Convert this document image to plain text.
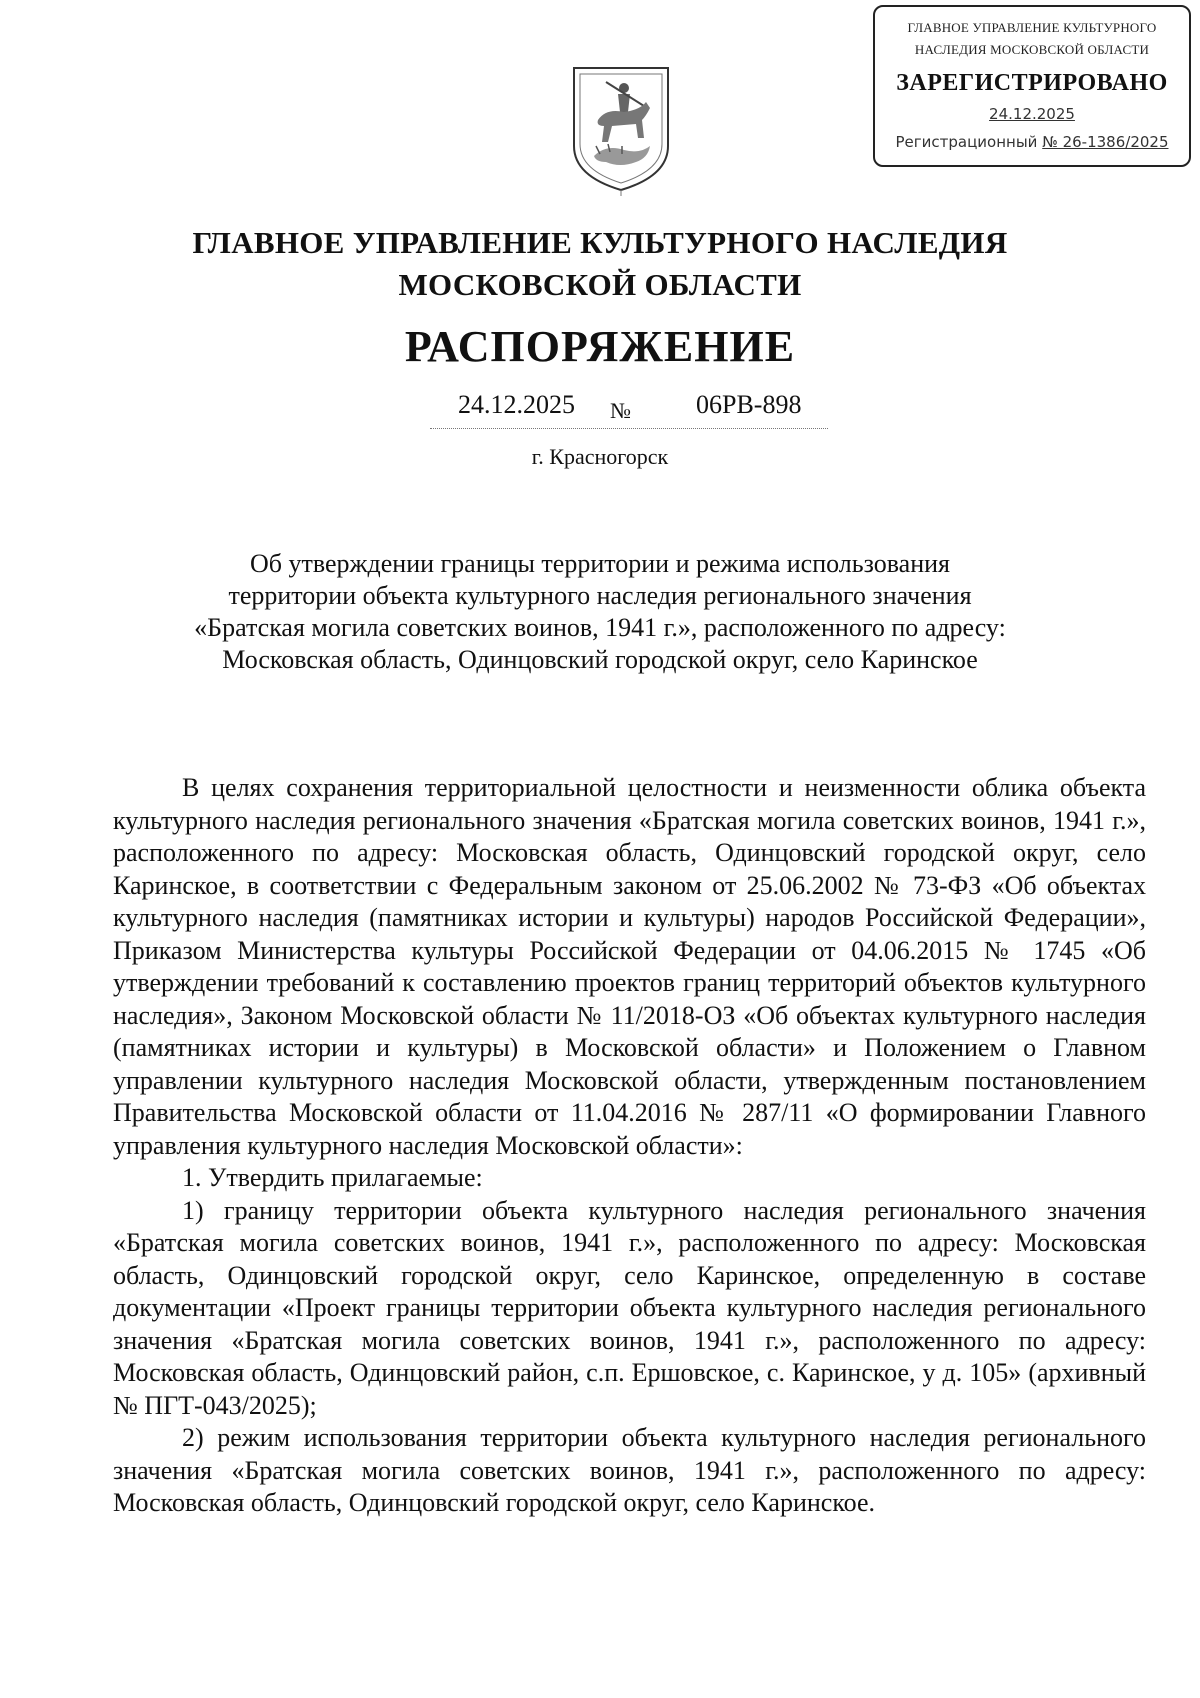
ГЛАВНОЕ УПРАВЛЕНИЕ КУЛЬТУРНОГО
НАСЛЕДИЯ МОСКОВСКОЙ ОБЛАСТИ
ЗАРЕГИСТРИРОВАНО
24.12.2025
Регистрационный № 26-1386/2025
ГЛАВНОЕ УПРАВЛЕНИЕ КУЛЬТУРНОГО НАСЛЕДИЯ
МОСКОВСКОЙ ОБЛАСТИ
РАСПОРЯЖЕНИЕ
24.12.2025 №	06РВ-898
г. Красногорск
Об утверждении границы территории и режима использования
территории объекта культурного наследия регионального значения
«Братская могила советских воинов, 1941 г.», расположенного по адресу:
Московская область, Одинцовский городской округ, село Каринское

В целях сохранения территориальной целостности и неизменности облика объекта культурного наследия регионального значения «Братская могила советских воинов, 1941 г.», расположенного по адресу: Московская область, Одинцовский городской округ, село Каринское, в соответствии с Федеральным законом от 25.06.2002 № 73-ФЗ «Об объектах культурного наследия (памятниках истории и культуры) народов Российской Федерации», Приказом Министерства культуры Российской Федерации от 04.06.2015 № 1745 «Об утверждении требований к составлению проектов границ территорий объектов культурного наследия», Законом Московской области № 11/2018-ОЗ «Об объектах культурного наследия (памятниках истории и культуры) в Московской области» и Положением о Главном управлении культурного наследия Московской области, утвержденным постановлением Правительства Московской области от 11.04.2016 № 287/11 «О формировании Главного управления культурного наследия Московской области»:

1. Утвердить прилагаемые:

1) границу территории объекта культурного наследия регионального значения «Братская могила советских воинов, 1941 г.», расположенного по адресу: Московская область, Одинцовский городской округ, село Каринское, определенную в составе документации «Проект границы территории объекта культурного наследия регионального значения «Братская могила советских воинов, 1941 г.», расположенного по адресу: Московская область, Одинцовский район, с.п. Ершовское, с. Каринское, у д. 105» (архивный № ПГТ-043/2025);

2) режим использования территории объекта культурного наследия регионального значения «Братская могила советских воинов, 1941 г.», расположенного по адресу: Московская область, Одинцовский городской округ, село Каринское.
